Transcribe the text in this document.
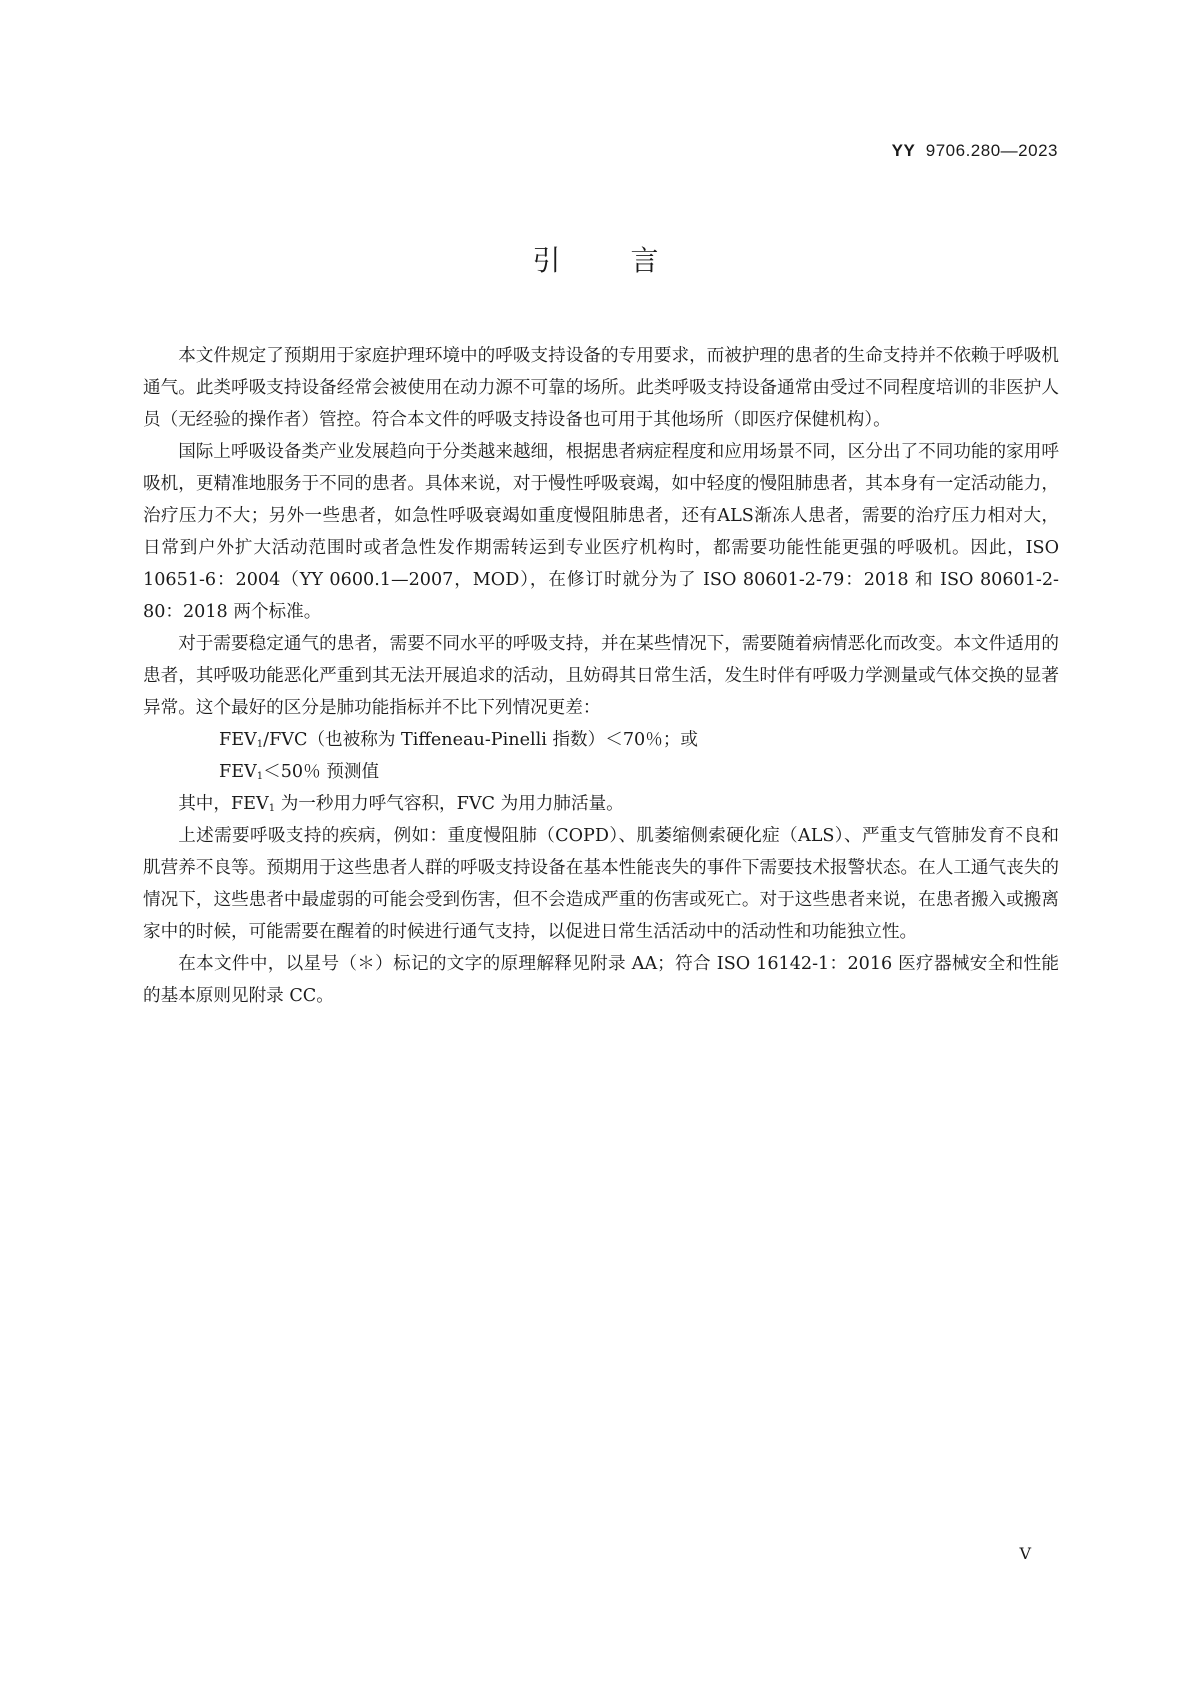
YY 9706.280—2023
引言

本文件规定了预期用于家庭护理环境中的呼吸支持设备的专用要求，而被护理的患者的生命支持并不依赖于呼吸机通气。此类呼吸支持设备经常会被使用在动力源不可靠的场所。此类呼吸支持设备通常由受过不同程度培训的非医护人员（无经验的操作者）管控。符合本文件的呼吸支持设备也可用于其他场所（即医疗保健机构）。

国际上呼吸设备类产业发展趋向于分类越来越细，根据患者病症程度和应用场景不同，区分出了不同功能的家用呼吸机，更精准地服务于不同的患者。具体来说，对于慢性呼吸衰竭，如中轻度的慢阻肺患者，其本身有一定活动能力，治疗压力不大；另外一些患者，如急性呼吸衰竭如重度慢阻肺患者，还有ALS渐冻人患者，需要的治疗压力相对大，日常到户外扩大活动范围时或者急性发作期需转运到专业医疗机构时，都需要功能性能更强的呼吸机。因此，ISO 10651-6：2004（YY 0600.1—2007，MOD），在修订时就分为了 ISO 80601-2-79：2018 和 ISO 80601-2-80：2018 两个标准。

对于需要稳定通气的患者，需要不同水平的呼吸支持，并在某些情况下，需要随着病情恶化而改变。本文件适用的患者，其呼吸功能恶化严重到其无法开展追求的活动，且妨碍其日常生活，发生时伴有呼吸力学测量或气体交换的显著异常。这个最好的区分是肺功能指标并不比下列情况更差：

$FEV_1/FVC$（也被称为 Tiffeneau-Pinelli 指数）＜70％；或

$FEV_1<50$％ 预测值

其中，$FEV_1$ 为一秒用力呼气容积，FVC 为用力肺活量。

上述需要呼吸支持的疾病，例如：重度慢阻肺（COPD）、肌萎缩侧索硬化症（ALS）、严重支气管肺发育不良和肌营养不良等。预期用于这些患者人群的呼吸支持设备在基本性能丧失的事件下需要技术报警状态。在人工通气丧失的情况下，这些患者中最虚弱的可能会受到伤害，但不会造成严重的伤害或死亡。对于这些患者来说，在患者搬入或搬离家中的时候，可能需要在醒着的时候进行通气支持，以促进日常生活活动中的活动性和功能独立性。

在本文件中，以星号（＊）标记的文字的原理解释见附录 AA；符合 ISO 16142-1：2016 医疗器械安全和性能的基本原则见附录 CC。

V
